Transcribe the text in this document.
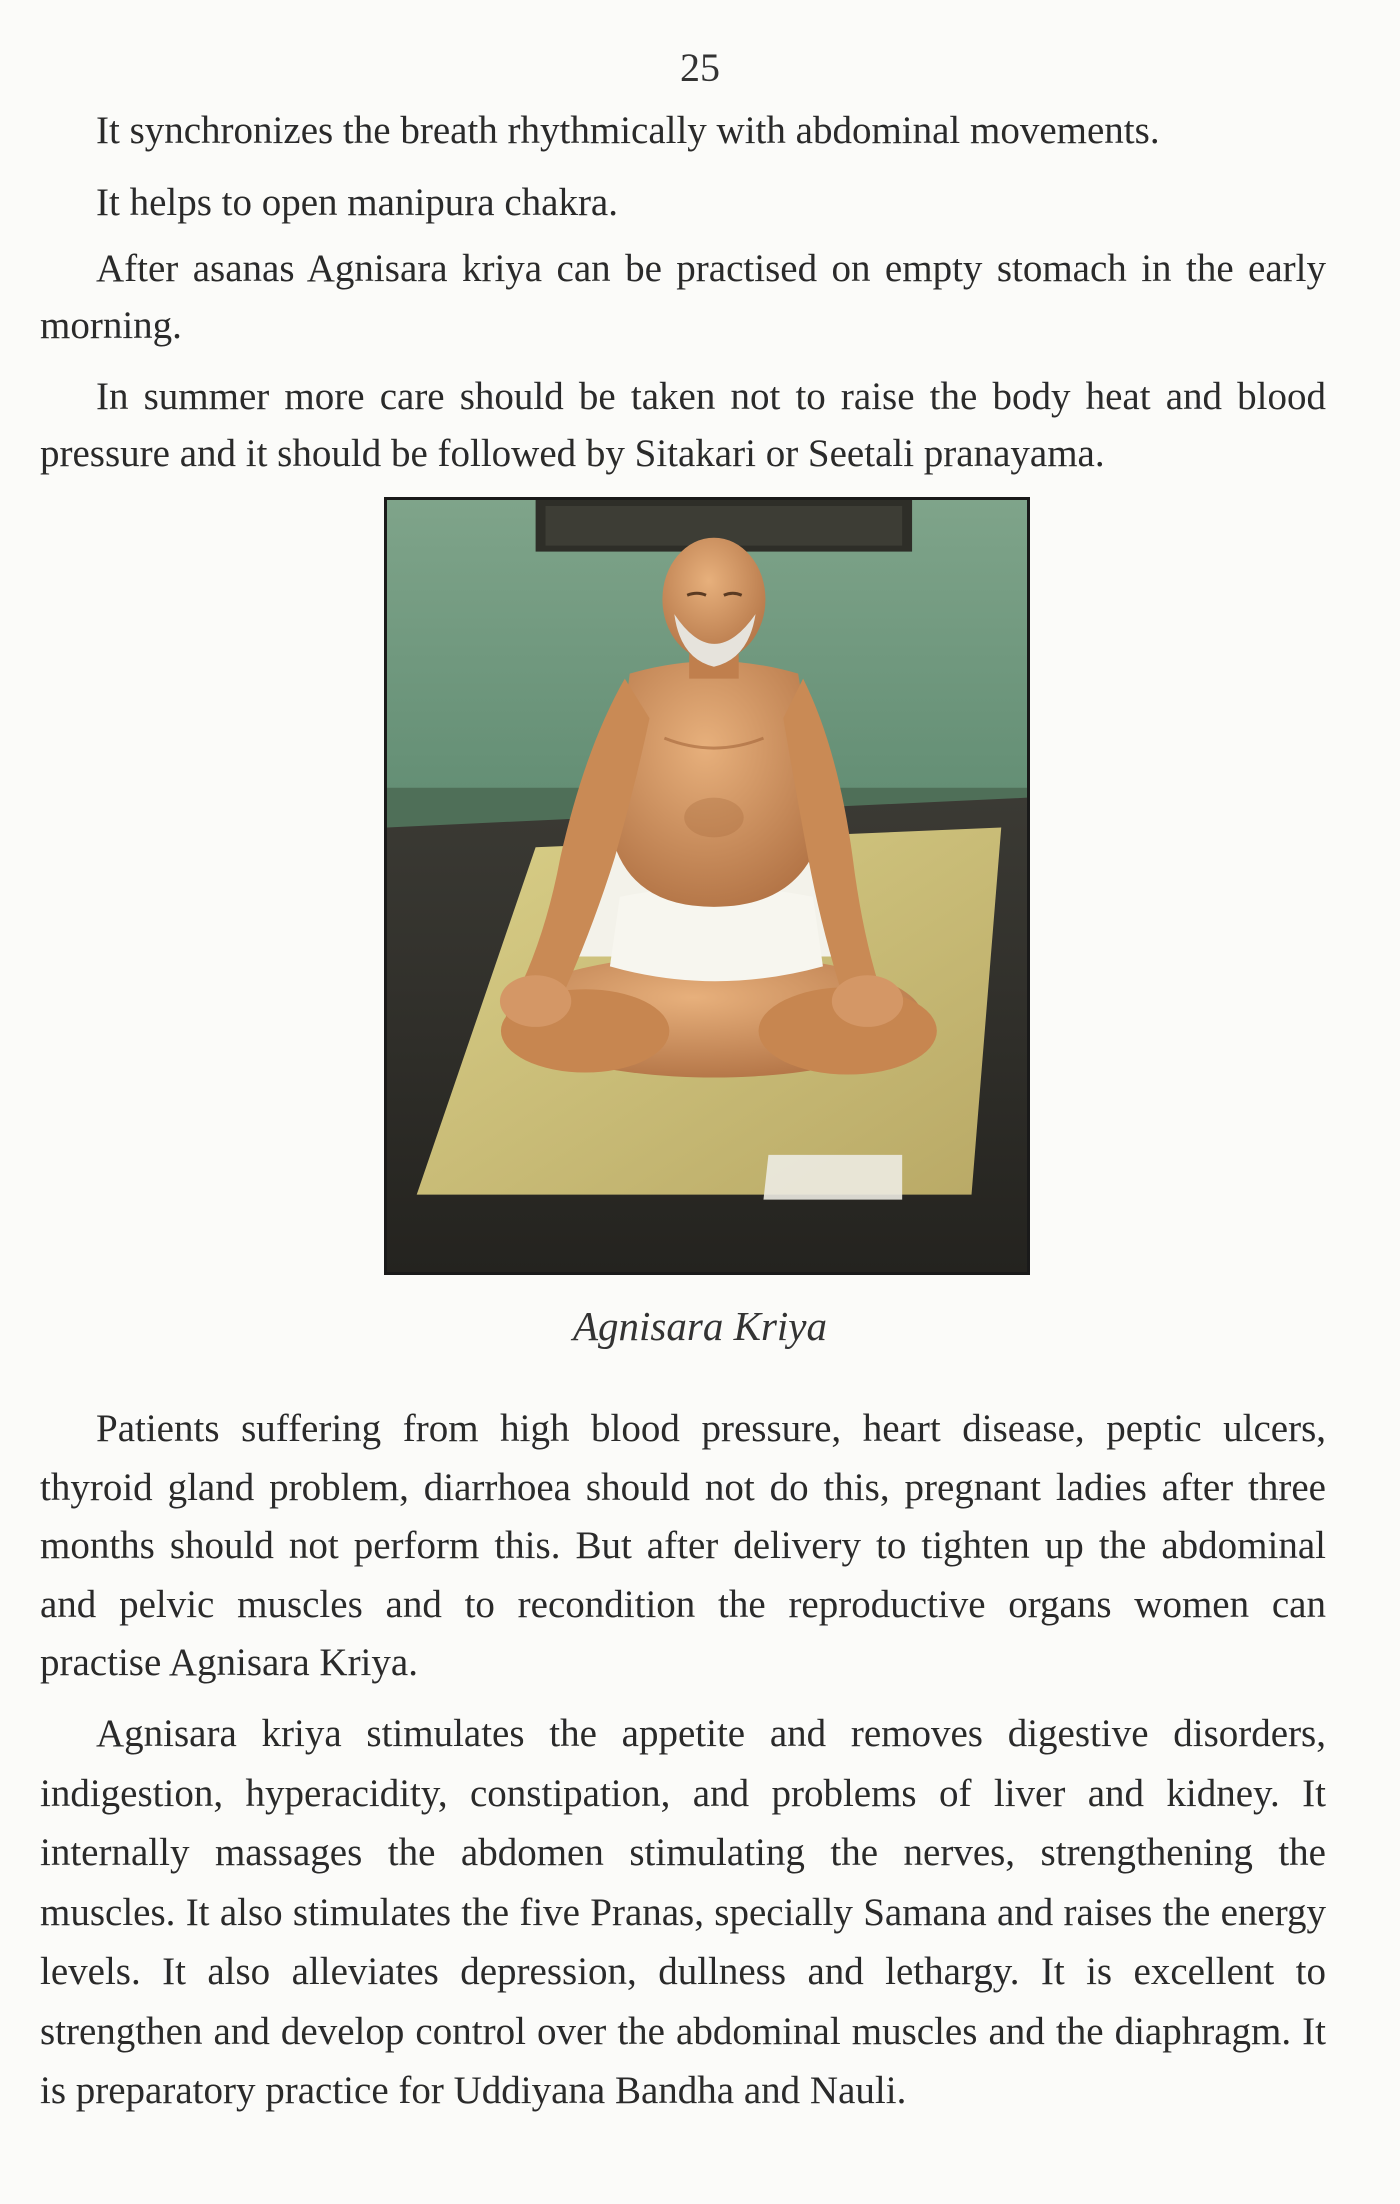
25

It synchronizes the breath rhythmically with abdominal movements.

It helps to open manipura chakra.

After asanas Agnisara kriya can be practised on empty stomach in the early morning.

In summer more care should be taken not to raise the body heat and blood pressure and it should be followed by Sitakari or Seetali pranayama.

Agnisara Kriya

Patients suffering from high blood pressure, heart disease, peptic ulcers, thyroid gland problem, diarrhoea should not do this, pregnant ladies after three months should not perform this. But after delivery to tighten up the abdominal and pelvic muscles and to recondition the reproductive organs women can practise Agnisara Kriya.

Agnisara kriya stimulates the appetite and removes digestive disorders, indigestion, hyperacidity, constipation, and problems of liver and kidney. It internally massages the abdomen stimulating the nerves, strengthening the muscles. It also stimulates the five Pranas, specially Samana and raises the energy levels. It also alleviates depression, dullness and lethargy. It is excellent to strengthen and develop control over the abdominal muscles and the diaphragm. It is preparatory practice for Uddiyana Bandha and Nauli.
